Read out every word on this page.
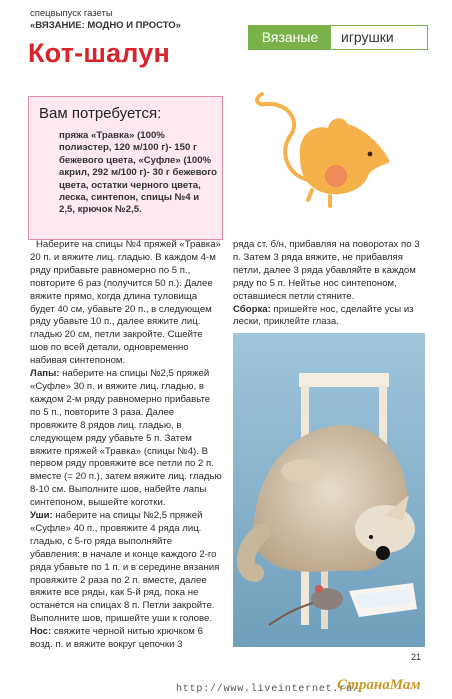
спецвыпуск газеты
«ВЯЗАНИЕ: МОДНО И ПРОСТО»
Кот-шалун
Вязаные	игрушки
Вам потребуется:

пряжа «Травка» (100% полиэстер, 120 м/100 г)- 150 г бежевого цвета, «Суфле» (100% акрил, 292 м/100 г)- 30 г бежевого цвета, остатки черного цвета, леска, синтепон, спицы №4 и 2,5, крючок №2,5.

Наберите на спицы №4 пряжей «Травка» 20 п. и вяжите лиц. гладью. В каждом 4-м ряду прибавьте равномерно по 5 п., повторите 6 раз (получится 50 п.). Далее вяжите прямо, когда длина туловища будет 40 см, убавьте 20 п., в следующем ряду убавьте 10 п., далее вяжите лиц. гладью 20 см, петли закройте. Сшейте шов по всей детали, одновременно набивая синтепоном.

Лапы: наберите на спицы №2,5 пряжей «Суфле» 30 п. и вяжите лиц. гладью, в каждом 2-м ряду равномерно прибавьте по 5 п., повторите 3 раза. Далее провяжите 8 рядов лиц. гладью, в следующем ряду убавьте 5 п. Затем вяжите пряжей «Травка» (спицы №4). В первом ряду провяжите все петли по 2 п. вместе (= 20 п.), затем вяжите лиц. гладью 8-10 см. Выполните шов, набейте лапы синтепоном, вышейте коготки.

Уши: наберите на спицы №2,5 пряжей «Суфле» 40 п., провяжите 4 ряда лиц. гладью, с 5-го ряда выполняйте убавления: в начале и конце каждого 2-го ряда убавьте по 1 п. и в середине вязания провяжите 2 раза по 2 п. вместе, далее вяжите все ряды, как 5-й ряд, пока не останется на спицах 8 п. Петли закройте. Выполните шов, пришейте уши к голове.

Нос: свяжите черной нитью крючком 6 возд. п. и вяжите вокруг цепочки 3

ряда ст. б/н, прибавляя на поворотах по 3 п. Затем 3 ряда вяжите, не прибавляя петли, далее 3 ряда убавляйте в каждом ряду по 5 п. Нейтье нос синтепоном, оставшиеся петли стяните.

Сборка: пришейте нос, сделайте усы из лески, приклейте глаза.

21
http://www.liveinternet.ru/
СтранаМам
